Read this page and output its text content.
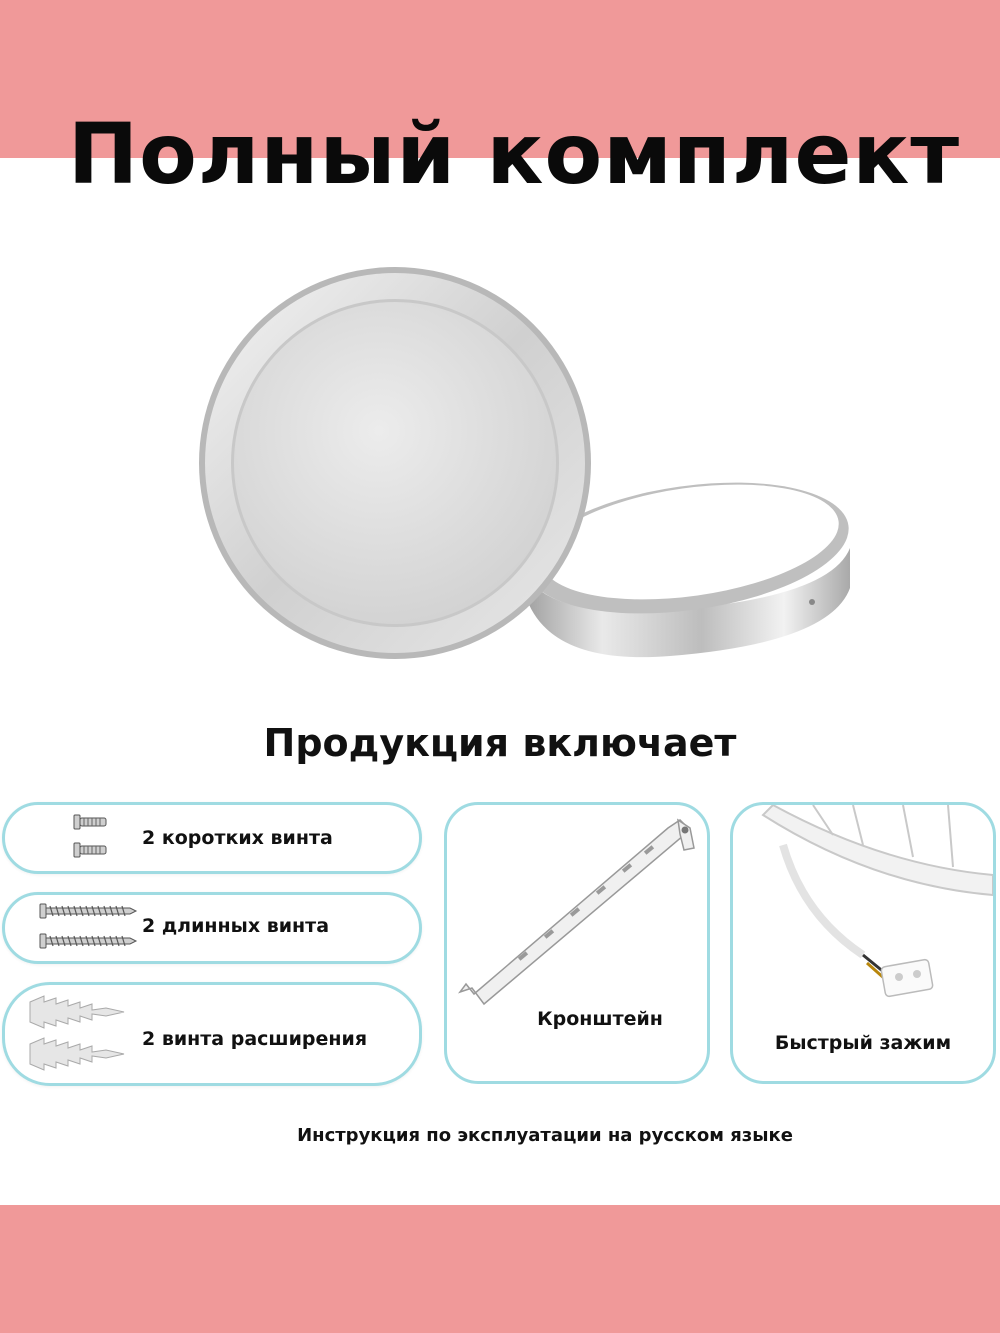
Полный комплект
Продукция включает

2 коротких винта

2 длинных винта

2 винта расширения

Кронштейн

Быстрый зажим

Инструкция по эксплуатации на русском языке
